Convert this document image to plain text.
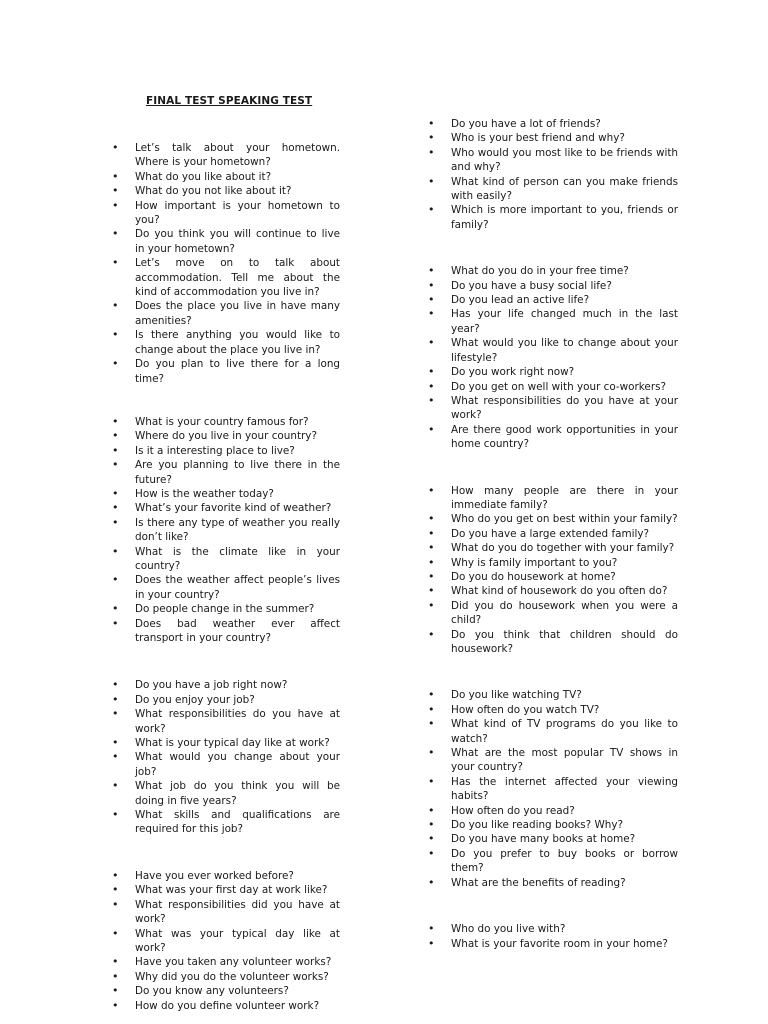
FINAL TEST SPEAKING TEST
• Let’s talk about your hometown. Where is your hometown?
• What do you like about it?
• What do you not like about it?
• How important is your hometown to you?
• Do you think you will continue to live in your hometown?
• Let’s move on to talk about accommodation. Tell me about the kind of accommodation you live in?
• Does the place you live in have many amenities?
• Is there anything you would like to change about the place you live in?
• Do you plan to live there for a long time?
• What is your country famous for?
• Where do you live in your country?
• Is it a interesting place to live?
• Are you planning to live there in the future?
• How is the weather today?
• What’s your favorite kind of weather?
• Is there any type of weather you really don’t like?
• What is the climate like in your country?
• Does the weather affect people’s lives in your country?
• Do people change in the summer?
• Does bad weather ever affect transport in your country?
• Do you have a job right now?
• Do you enjoy your job?
• What responsibilities do you have at work?
• What is your typical day like at work?
• What would you change about your job?
• What job do you think you will be doing in five years?
• What skills and qualifications are required for this job?
• Have you ever worked before?
• What was your first day at work like?
• What responsibilities did you have at work?
• What was your typical day like at work?
• Have you taken any volunteer works?
• Why did you do the volunteer works?
• Do you know any volunteers?
• How do you define volunteer work?
• Do you have a lot of friends?
• Who is your best friend and why?
• Who would you most like to be friends with and why?
• What kind of person can you make friends with easily?
• Which is more important to you, friends or family?
• What do you do in your free time?
• Do you have a busy social life?
• Do you lead an active life?
• Has your life changed much in the last year?
• What would you like to change about your lifestyle?
• Do you work right now?
• Do you get on well with your co-workers?
• What responsibilities do you have at your work?
• Are there good work opportunities in your home country?
• How many people are there in your immediate family?
• Who do you get on best within your family?
• Do you have a large extended family?
• What do you do together with your family?
• Why is family important to you?
• Do you do housework at home?
• What kind of housework do you often do?
• Did you do housework when you were a child?
• Do you think that children should do housework?
• Do you like watching TV?
• How often do you watch TV?
• What kind of TV programs do you like to watch?
• What are the most popular TV shows in your country?
• Has the internet affected your viewing habits?
• How often do you read?
• Do you like reading books? Why?
• Do you have many books at home?
• Do you prefer to buy books or borrow them?
• What are the benefits of reading?
• Who do you live with?
• What is your favorite room in your home?
